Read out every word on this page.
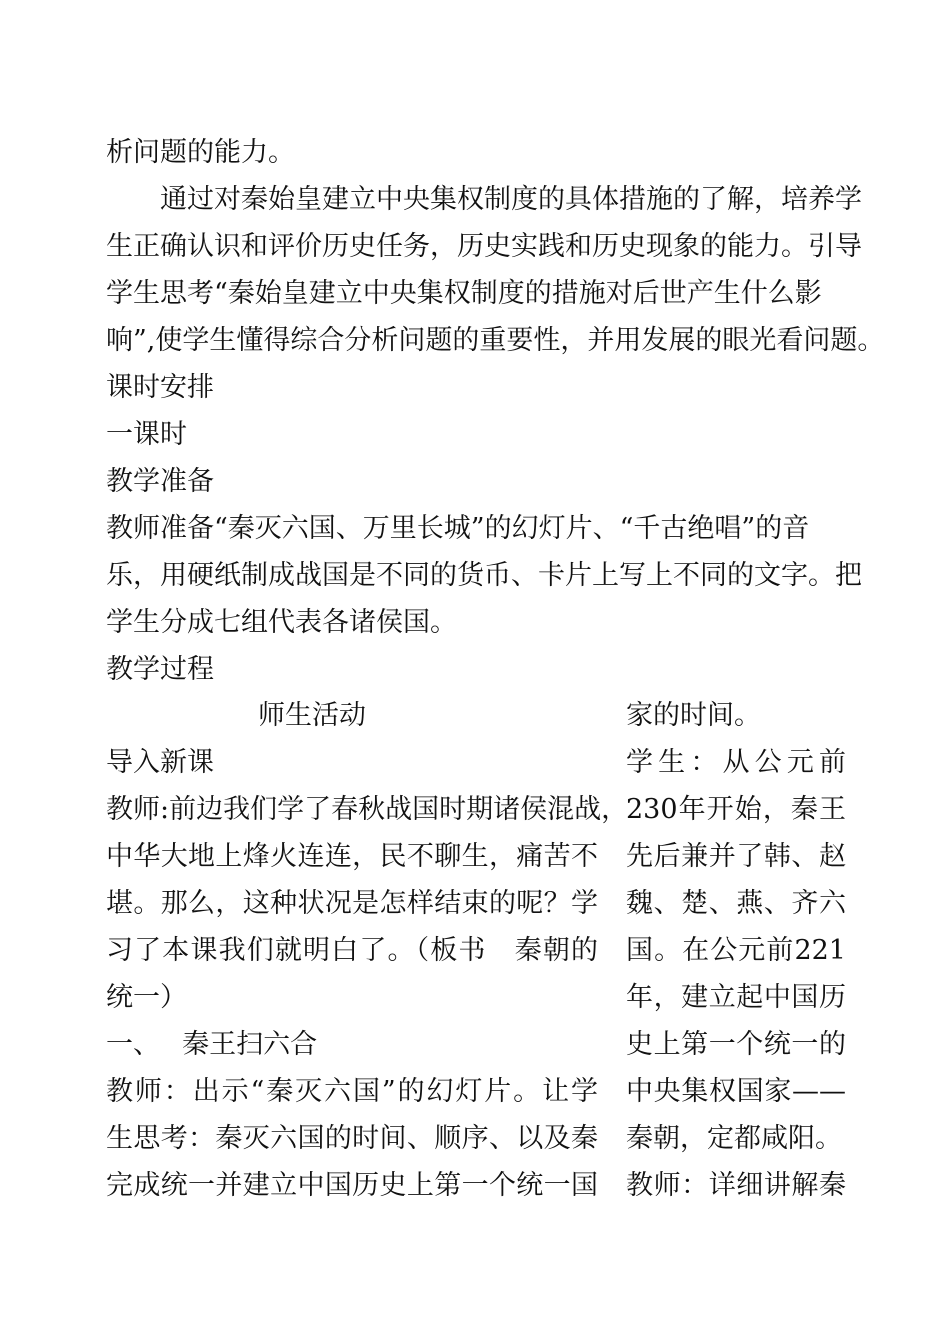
析问题的能力。
通过对秦始皇建立中央集权制度的具体措施的了解，培养学
生正确认识和评价历史任务，历史实践和历史现象的能力。引导
学生思考“秦始皇建立中央集权制度的措施对后世产生什么影
响”,使学生懂得综合分析问题的重要性，并用发展的眼光看问题。
课时安排
一课时
教学准备
教师准备“秦灭六国、万里长城”的幻灯片、“千古绝唱”的音
乐，用硬纸制成战国是不同的货币、卡片上写上不同的文字。把
学生分成七组代表各诸侯国。
教学过程
师生活动
导入新课
教师:前边我们学了春秋战国时期诸侯混战，
中华大地上烽火连连，民不聊生，痛苦不
堪。那么，这种状况是怎样结束的呢？学
习了本课我们就明白了。（板书　秦朝的
统一）
一、　 秦王扫六合
教师：出示“秦灭六国”的幻灯片。让学
生思考：秦灭六国的时间、顺序、以及秦
完成统一并建立中国历史上第一个统一国
家的时间。
学生：从公元前
230年开始，秦王
先后兼并了韩、赵
魏、楚、燕、齐六
国。在公元前221
年，建立起中国历
史上第一个统一的
中央集权国家——
秦朝，定都咸阳。
教师：详细讲解秦
